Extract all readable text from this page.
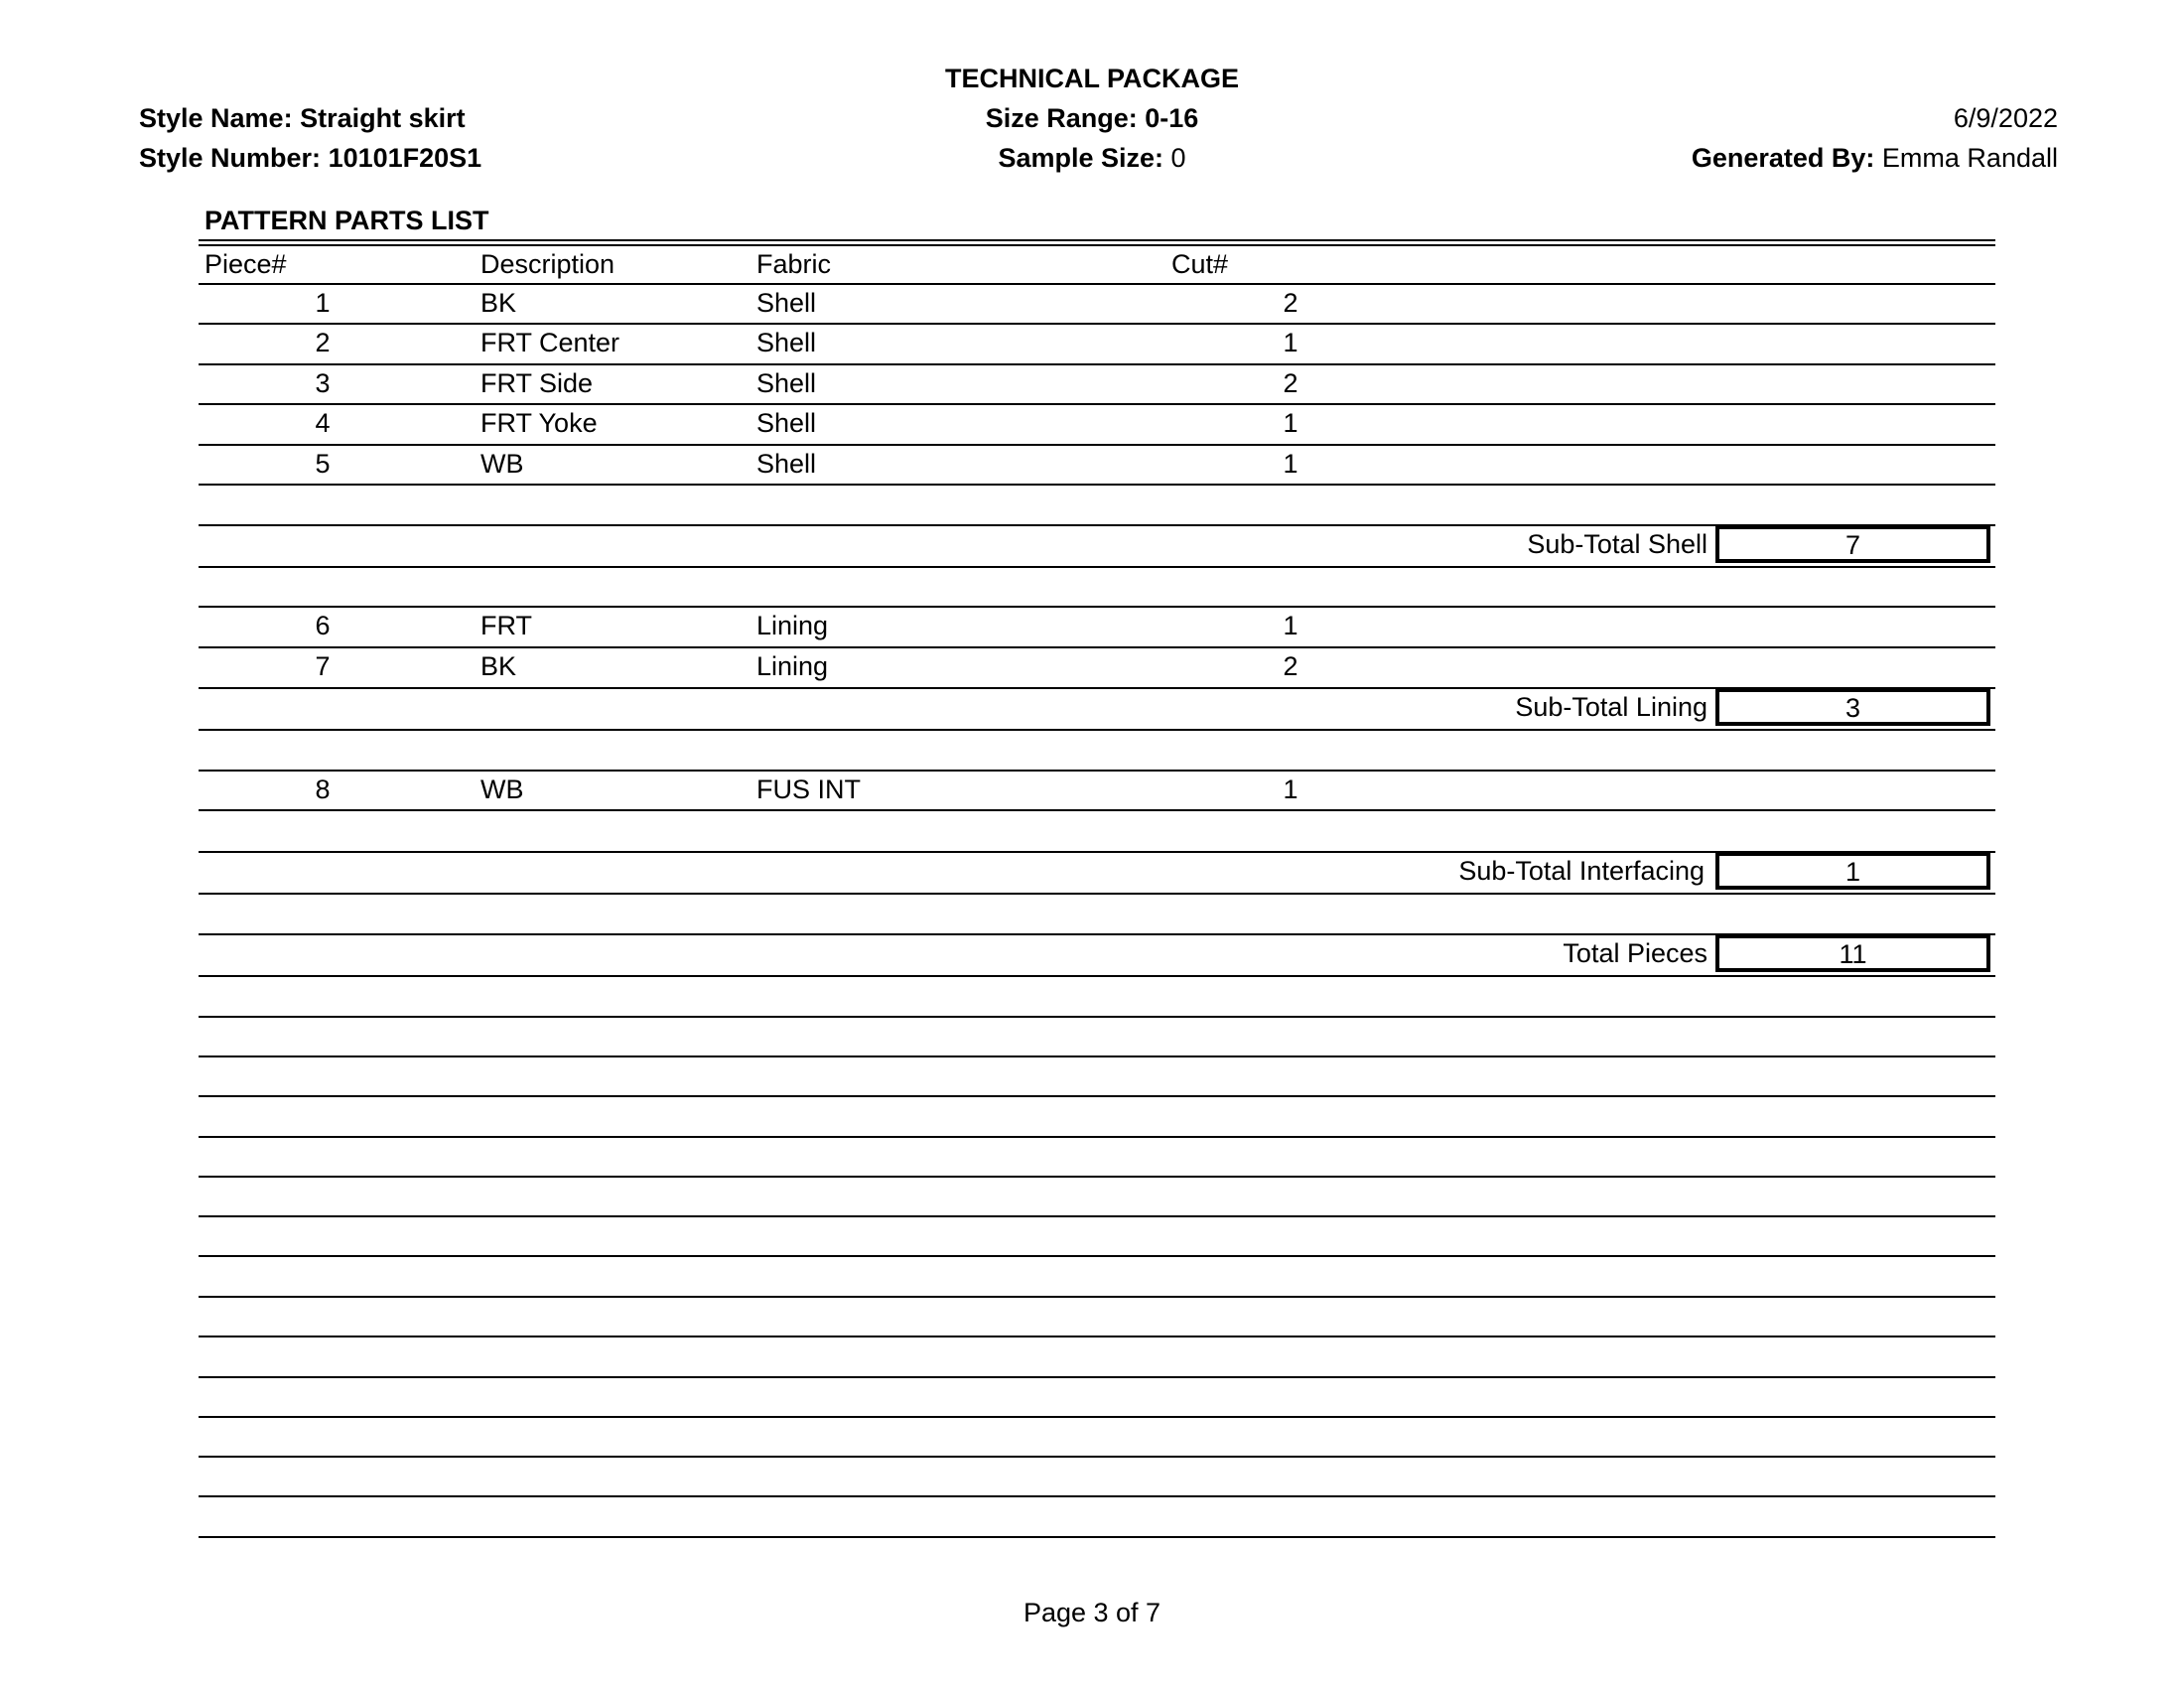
Style Name: Straight skirt
Style Number: 10101F20S1
TECHNICAL PACKAGE
Size Range: 0-16
Sample Size: 0
6/9/2022
Generated By: Emma Randall
PATTERN PARTS LIST
Piece#	Description	Fabric	Cut#
1	BK	Shell	2
2	FRT Center	Shell	1
3	FRT Side	Shell	2
4	FRT Yoke	Shell	1
5	WB	Shell	1
Sub-Total Shell	7
6	FRT	Lining	1
7	BK	Lining	2
Sub-Total Lining	3
8	WB	FUS INT	1
Sub-Total Interfacing	1
Total Pieces	11
Page 3 of 7
